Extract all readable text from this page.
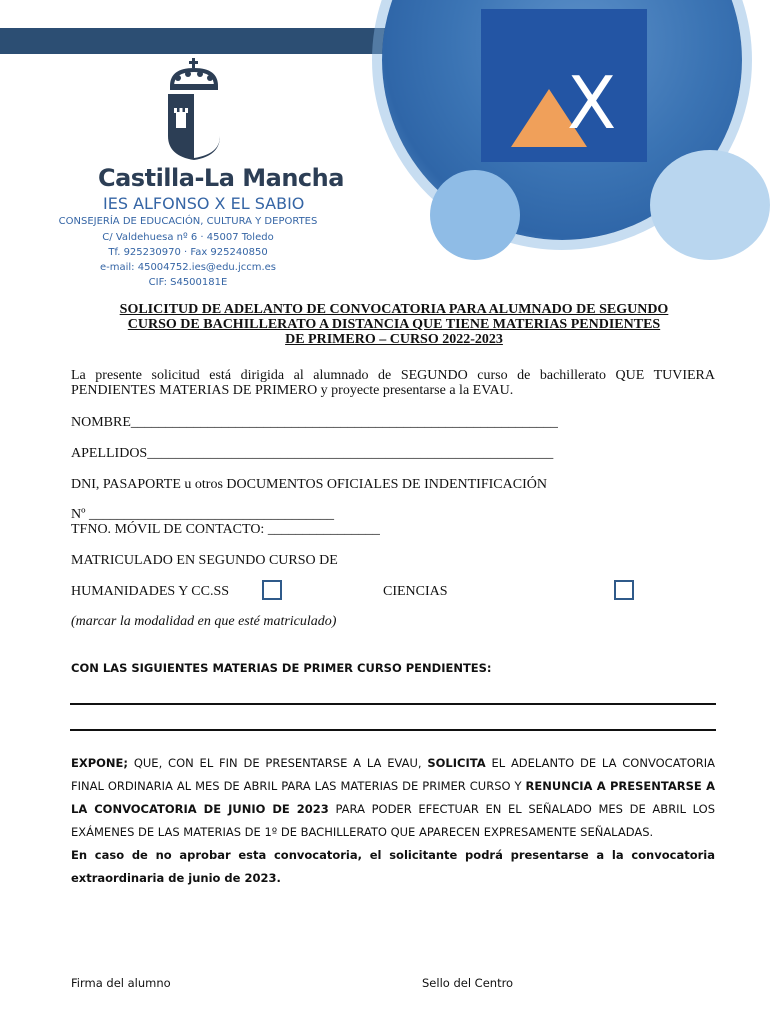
X
Castilla-La Mancha
IES ALFONSO X EL SABIO
CONSEJERÍA DE EDUCACIÓN, CULTURA Y DEPORTES
C/ Valdehuesa nº 6 · 45007 Toledo
Tf. 925230970 · Fax 925240850
e-mail: 45004752.ies@edu.jccm.es
CIF: S4500181E
SOLICITUD DE ADELANTO DE CONVOCATORIA PARA ALUMNADO DE SEGUNDO
CURSO DE BACHILLERATO A DISTANCIA QUE TIENE MATERIAS PENDIENTES
DE PRIMERO – CURSO 2022-2023
La presente solicitud está dirigida al alumnado de SEGUNDO curso de bachillerato QUE TUVIERA PENDIENTES MATERIAS DE PRIMERO y proyecte presentarse a la EVAU.
NOMBRE_____________________________________________________________
APELLIDOS__________________________________________________________
DNI, PASAPORTE u otros DOCUMENTOS OFICIALES DE INDENTIFICACIÓN
Nº ___________________________________
TFNO. MÓVIL DE CONTACTO: ________________
MATRICULADO EN SEGUNDO CURSO DE
HUMANIDADES Y CC.SS	CIENCIAS
(marcar la modalidad en que esté matriculado)
CON LAS SIGUIENTES MATERIAS DE PRIMER CURSO PENDIENTES:
EXPONE; QUE, CON EL FIN DE PRESENTARSE A LA EVAU, SOLICITA EL ADELANTO DE LA CONVOCATORIA FINAL ORDINARIA AL MES DE ABRIL PARA LAS MATERIAS DE PRIMER CURSO Y RENUNCIA A PRESENTARSE A LA CONVOCATORIA DE JUNIO DE 2023 PARA PODER EFECTUAR EN EL SEÑALADO MES DE ABRIL LOS EXÁMENES DE LAS MATERIAS DE 1º DE BACHILLERATO QUE APARECEN EXPRESAMENTE SEÑALADAS.
En caso de no aprobar esta convocatoria, el solicitante podrá presentarse a la convocatoria extraordinaria de junio de 2023.
Firma del alumno	Sello del Centro
